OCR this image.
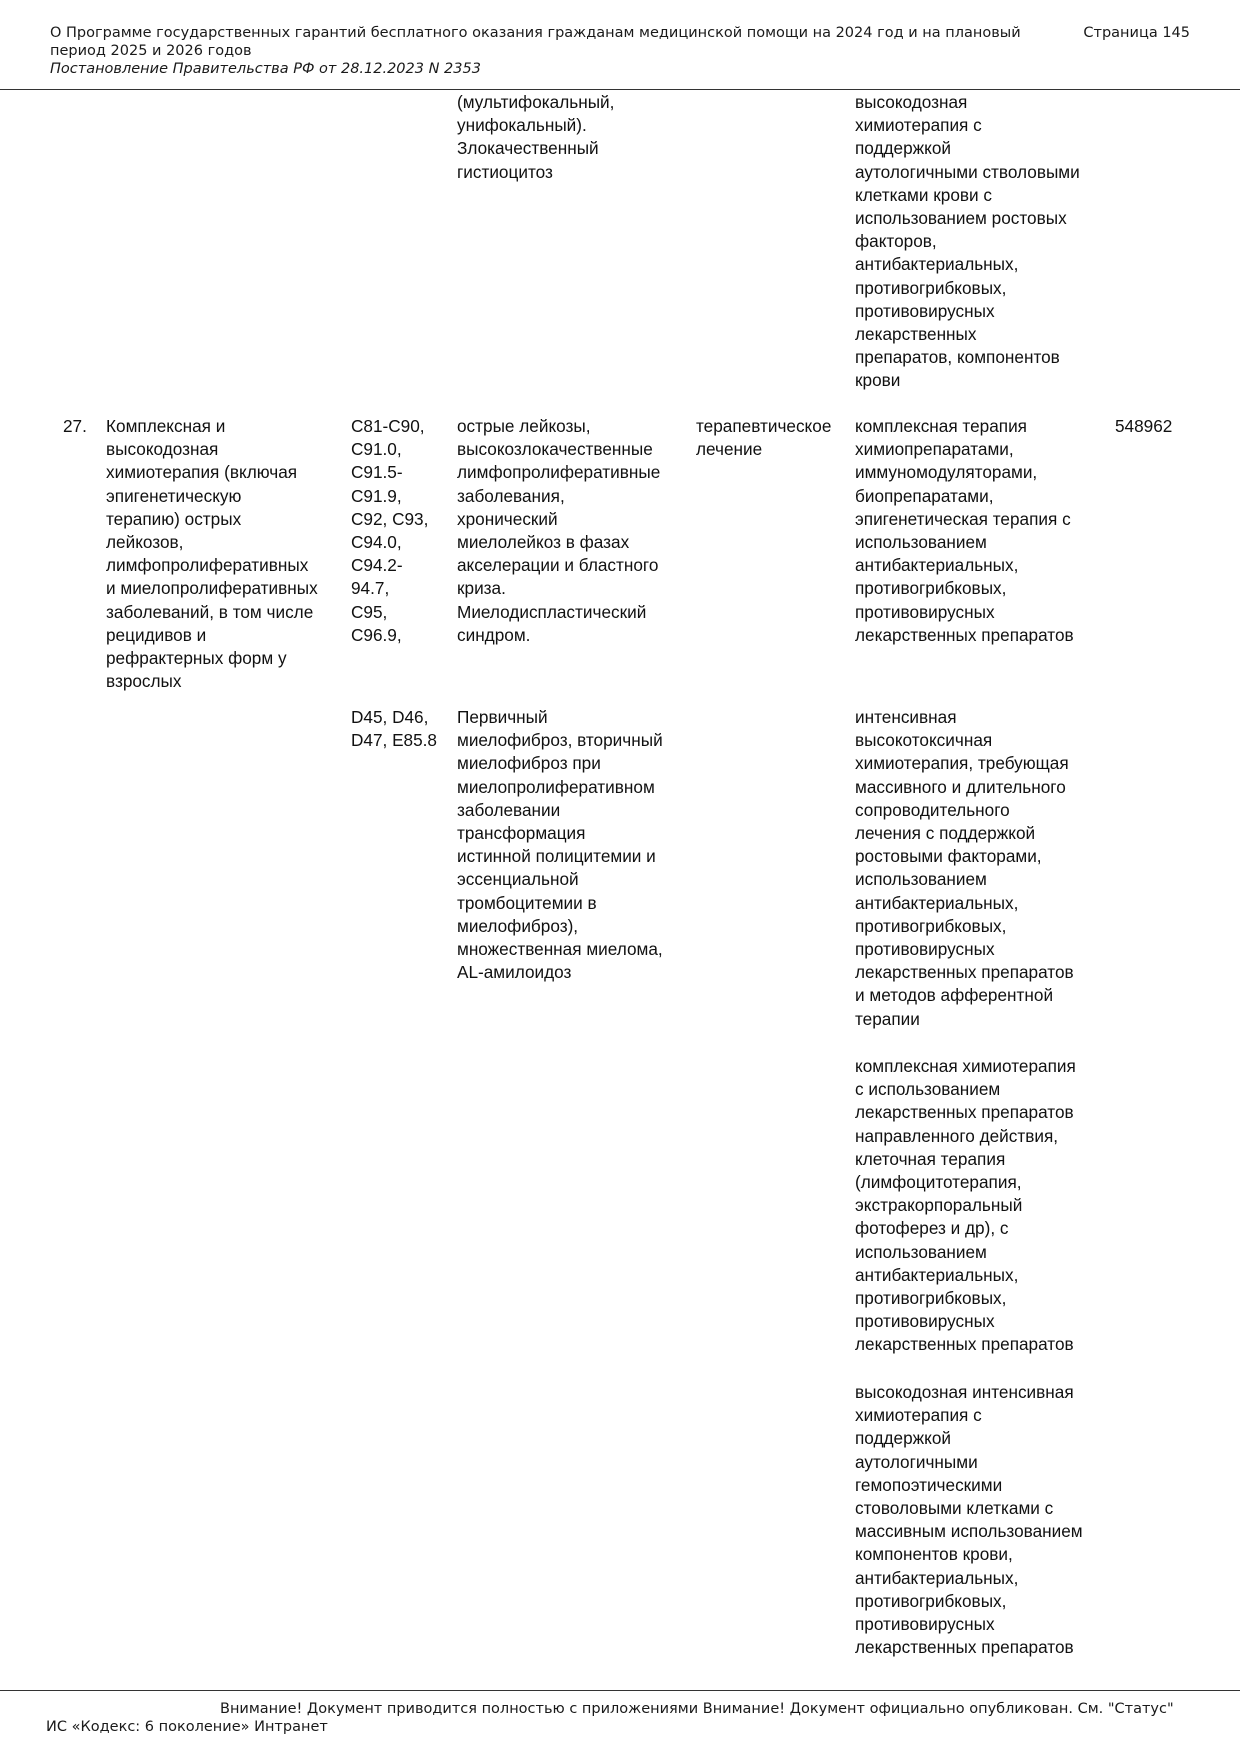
О Программе государственных гарантий бесплатного оказания гражданам медицинской помощи на 2024 год и на плановый период 2025 и 2026 годов
Постановление Правительства РФ от 28.12.2023 N 2353
Страница 145
(мультифокальный,
унифокальный).
Злокачественный
гистиоцитоз
высокодозная
химиотерапия с
поддержкой
аутологичными стволовыми
клетками крови с
использованием ростовых
факторов,
антибактериальных,
противогрибковых,
противовирусных
лекарственных
препаратов, компонентов
крови
27. Комплексная и
высокодозная
химиотерапия (включая
эпигенетическую
терапию) острых
лейкозов,
лимфопролиферативных
и миелопролиферативных
заболеваний, в том числе
рецидивов и
рефрактерных форм у
взрослых
C81-C90,
C91.0,
C91.5-
C91.9,
C92, C93,
C94.0,
C94.2-
94.7,
C95,
C96.9,
острые лейкозы,
высокозлокачественные
лимфопролиферативные
заболевания,
хронический
миелолейкоз в фазах
акселерации и бластного
криза.
Миелодиспластический
синдром.
терапевтическое
лечение
комплексная терапия
химиопрепаратами,
иммуномодуляторами,
биопрепаратами,
эпигенетическая терапия с
использованием
антибактериальных,
противогрибковых,
противовирусных
лекарственных препаратов
548962
D45, D46,
D47, E85.8
Первичный
миелофиброз, вторичный
миелофиброз при
миелопролиферативном
заболевании
трансформация
истинной полицитемии и
эссенциальной
тромбоцитемии в
миелофиброз),
множественная миелома,
AL-амилоидоз
интенсивная
высокотоксичная
химиотерапия, требующая
массивного и длительного
сопроводительного
лечения с поддержкой
ростовыми факторами,
использованием
антибактериальных,
противогрибковых,
противовирусных
лекарственных препаратов
и методов афферентной
терапии
комплексная химиотерапия
с использованием
лекарственных препаратов
направленного действия,
клеточная терапия
(лимфоцитотерапия,
экстракорпоральный
фотоферез и др), с
использованием
антибактериальных,
противогрибковых,
противовирусных
лекарственных препаратов
высокодозная интенсивная
химиотерапия с
поддержкой
аутологичными
гемопоэтическими
стоволовыми клетками с
массивным использованием
компонентов крови,
антибактериальных,
противогрибковых,
противовирусных
лекарственных препаратов
Внимание! Документ приводится полностью с приложениями Внимание! Документ официально опубликован. См. "Статус"
ИС «Кодекс: 6 поколение» Интранет
